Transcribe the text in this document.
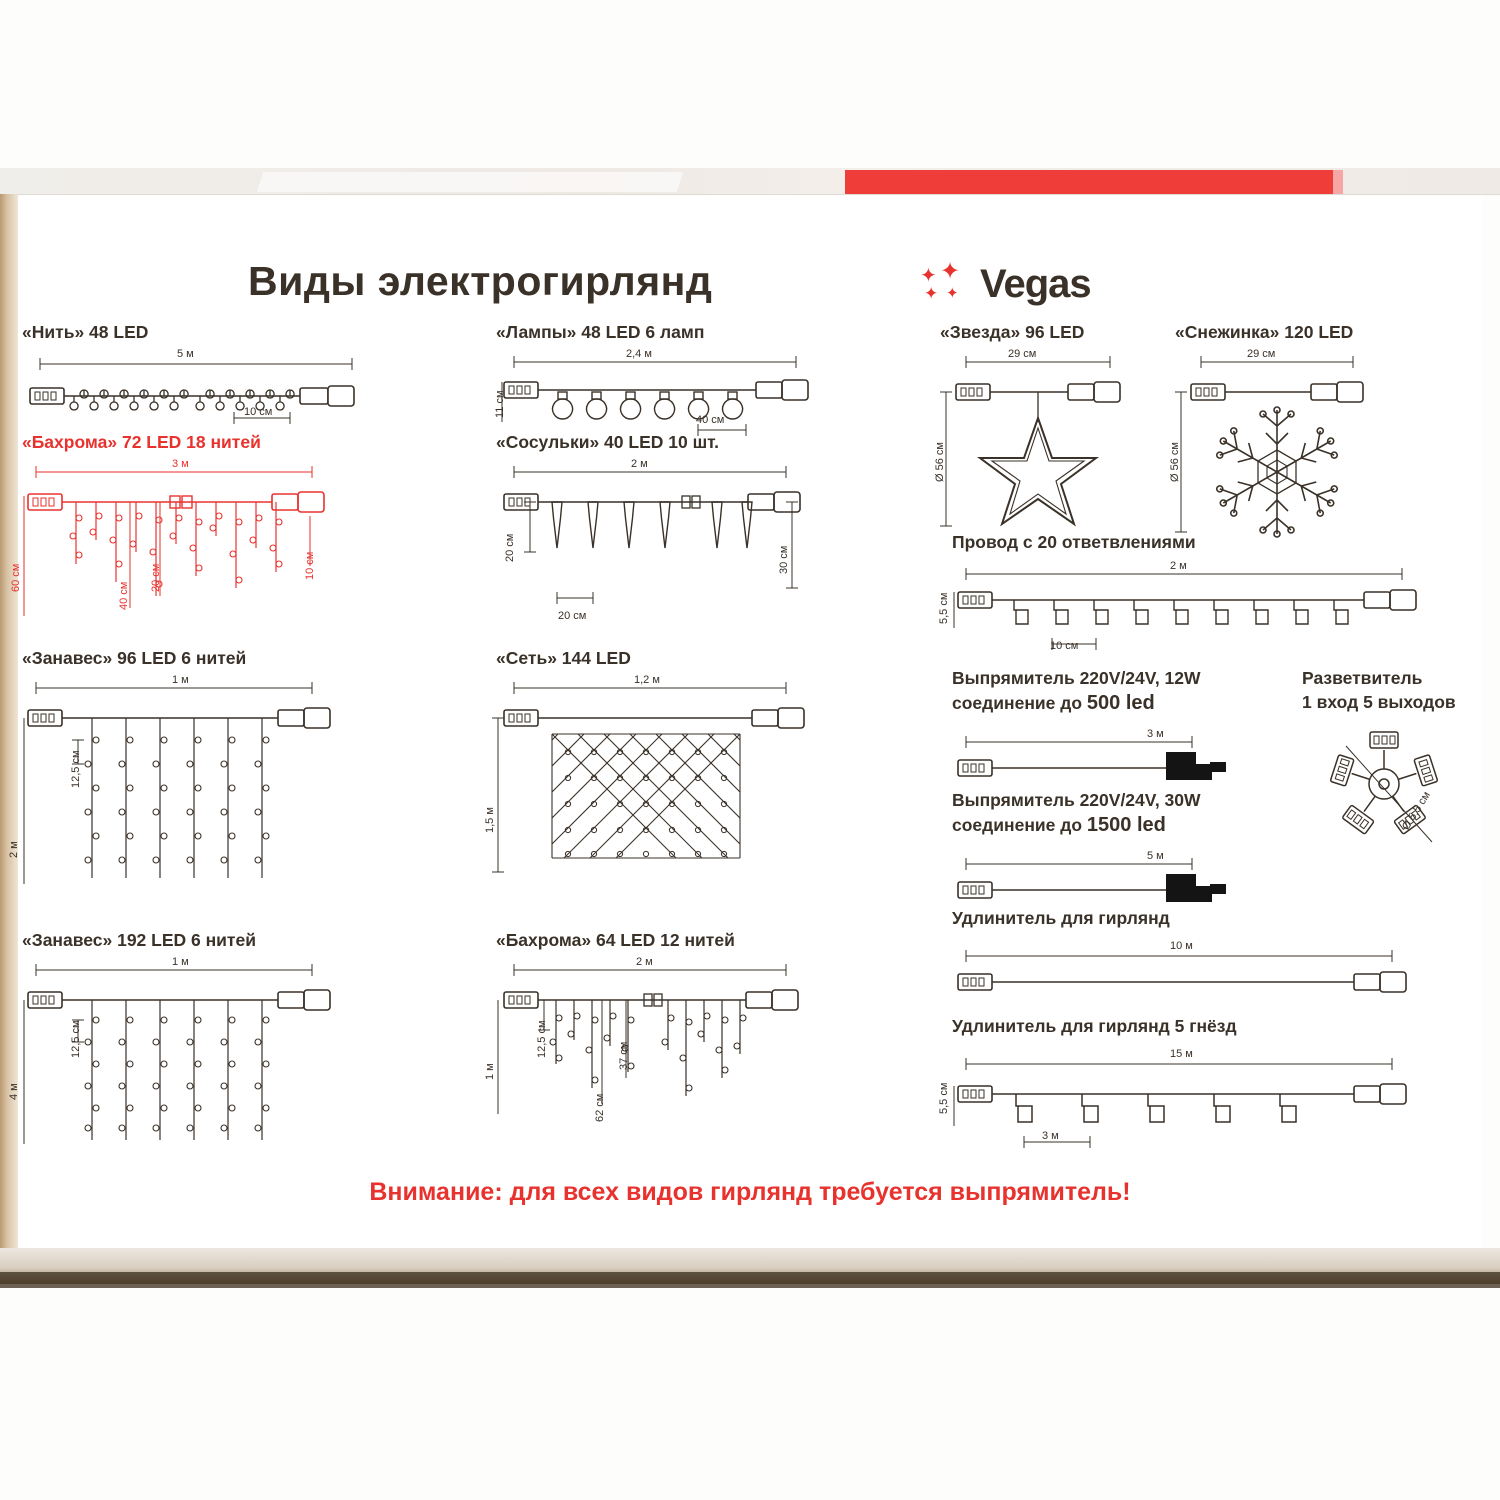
Виды электрогирлянд	✦ ✦
✦ ✦ Vegas
«Нить» 48 LED
5 м
10 см
«Бахрома» 72 LED 18 нитей
3 м
60 см
40 см
20 см	10 см
«Занавес» 96 LED 6 нитей
1 м
2 м
12,5 см
«Занавес» 192 LED 6 нитей
1 м
4 м
12,5 см
«Лампы» 48 LED 6 ламп
2,4 м
11 см
40 см
«Сосульки» 40 LED 10 шт.
2 м
20 см	30 см
20 см
«Сеть» 144 LED
1,2 м
1,5 м
«Бахрома» 64 LED 12 нитей
2 м
1 м
12,5 см	37 см
62 см
«Звезда» 96 LED
29 см
Ø 56 см
«Снежинка» 120 LED
29 см
Ø 56 см
Провод с 20 ответвлениями
2 м
5,5 см
10 см
Выпрямитель 220V/24V, 12W
соединение до 500 led
3 м
Выпрямитель 220V/24V, 30W
соединение до 1500 led
5 м
Разветвитель
1 вход 5 выходов
Ø 5,5 см
Удлинитель для гирлянд
10 м
Удлинитель для гирлянд 5 гнёзд
15 м
5,5 см
3 м
Внимание: для всех видов гирлянд требуется выпрямитель!
